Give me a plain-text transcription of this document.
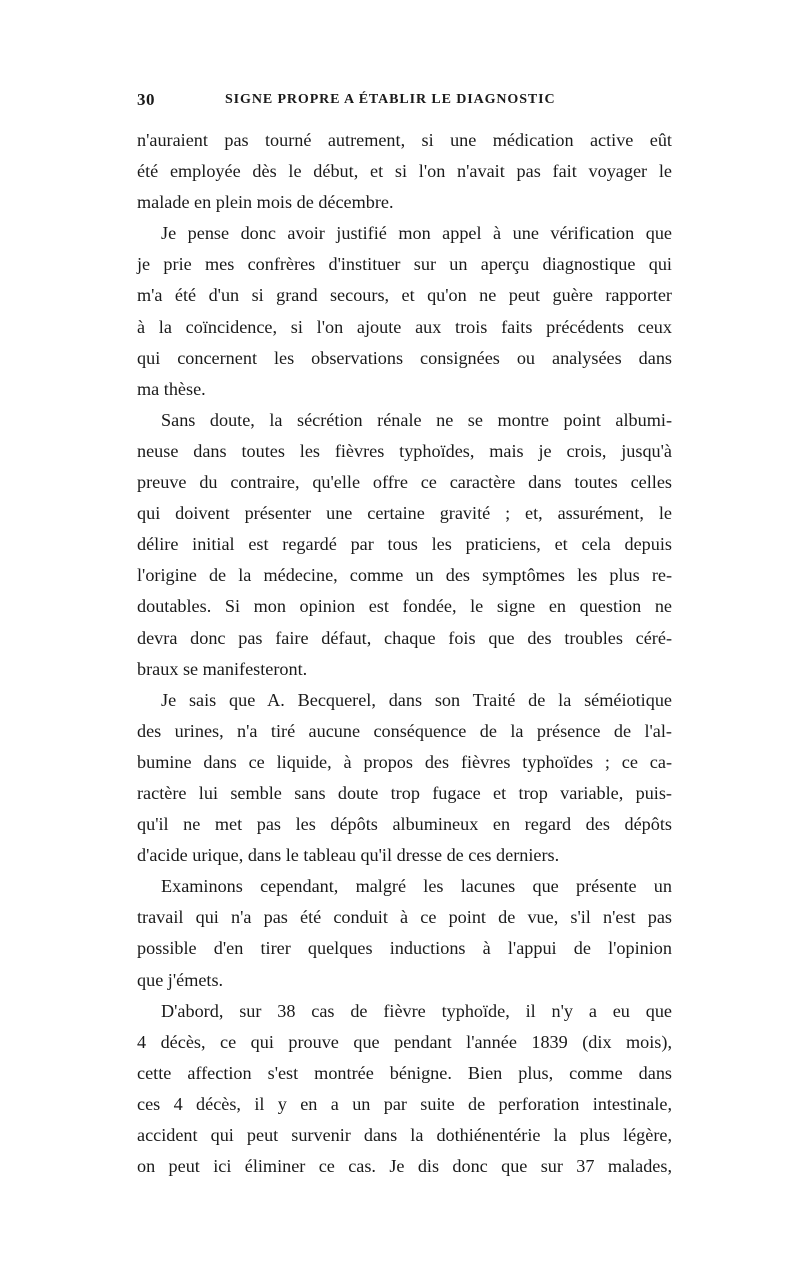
30	SIGNE PROPRE A ÉTABLIR LE DIAGNOSTIC
n'auraient pas tourné autrement, si une médication active eût
été employée dès le début, et si l'on n'avait pas fait voyager le
malade en plein mois de décembre.
Je pense donc avoir justifié mon appel à une vérification que
je prie mes confrères d'instituer sur un aperçu diagnostique qui
m'a été d'un si grand secours, et qu'on ne peut guère rapporter
à la coïncidence, si l'on ajoute aux trois faits précédents ceux
qui concernent les observations consignées ou analysées dans
ma thèse.
Sans doute, la sécrétion rénale ne se montre point albumi-
neuse dans toutes les fièvres typhoïdes, mais je crois, jusqu'à
preuve du contraire, qu'elle offre ce caractère dans toutes celles
qui doivent présenter une certaine gravité ; et, assurément, le
délire initial est regardé par tous les praticiens, et cela depuis
l'origine de la médecine, comme un des symptômes les plus re-
doutables. Si mon opinion est fondée, le signe en question ne
devra donc pas faire défaut, chaque fois que des troubles céré-
braux se manifesteront.
Je sais que A. Becquerel, dans son Traité de la séméiotique
des urines, n'a tiré aucune conséquence de la présence de l'al-
bumine dans ce liquide, à propos des fièvres typhoïdes ; ce ca-
ractère lui semble sans doute trop fugace et trop variable, puis-
qu'il ne met pas les dépôts albumineux en regard des dépôts
d'acide urique, dans le tableau qu'il dresse de ces derniers.
Examinons cependant, malgré les lacunes que présente un
travail qui n'a pas été conduit à ce point de vue, s'il n'est pas
possible d'en tirer quelques inductions à l'appui de l'opinion
que j'émets.
D'abord, sur 38 cas de fièvre typhoïde, il n'y a eu que
4 décès, ce qui prouve que pendant l'année 1839 (dix mois),
cette affection s'est montrée bénigne. Bien plus, comme dans
ces 4 décès, il y en a un par suite de perforation intestinale,
accident qui peut survenir dans la dothiénentérie la plus légère,
on peut ici éliminer ce cas. Je dis donc que sur 37 malades,
